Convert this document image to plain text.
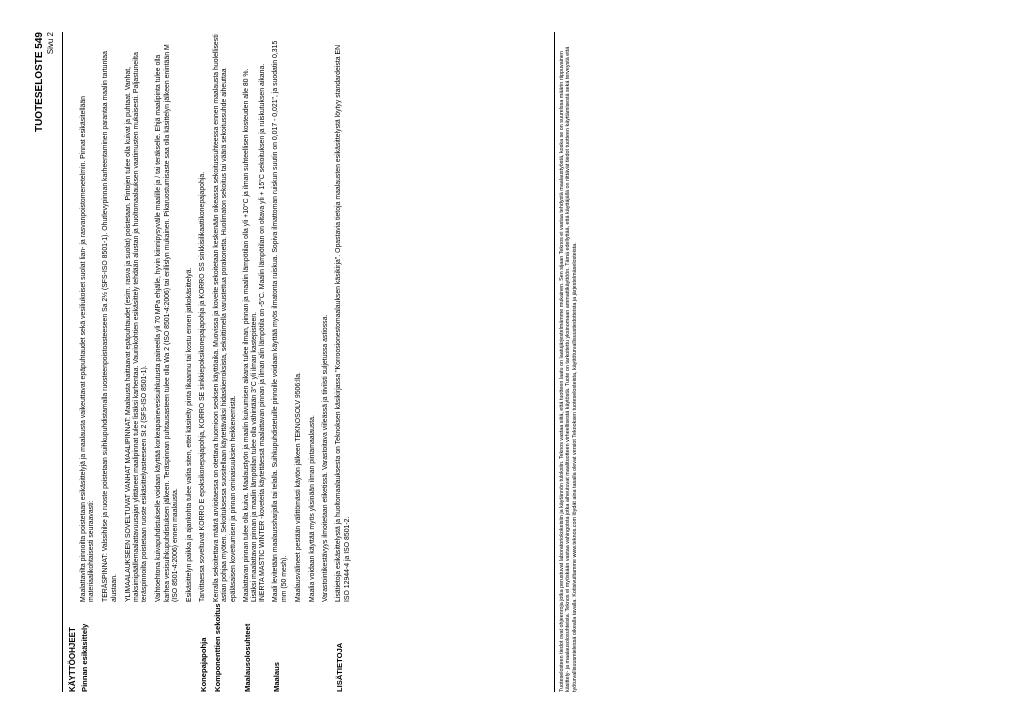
TUOTESELOSTE 549 Sivu 2
KÄYTTÖOHJEET Pinnan esikäsittely
Maalattavilta pinnoilta poistetaan esikäsittelyjä ja maalausta vaikeuttavat epäpuhtaudet sekä vesiliukoiset suolat lian- ja rasvanpoistomenetelmin. Pinnat esikäsitellään materiaalikohtaisesti seuraavasti: TERÄSPINNAT: Valssihilse ja ruoste poistetaan suihkupuhdistamalla ruosteenpoistoasteeseen Sa 2½ (SFS-ISO 8501-1). Ohutlevypinnan karheentaminen parantaa maalin tartuntaa alustaan. YLIMAALAUKSEEN SOVELTUVAT VANHAT MAALIPINNAT: Maalausta haittaavat epäpuhtaudet (esim. rasva ja suolat) poistetaan. Pintojen tulee olla kuivat ja puhtaat. Vanhat, maksimipäällemaalattavuusajan ylittäneet maalipinnat tulee lisäksi karhentaa. Vauriokohtien esikäsittely tehdään alustan ja huoltomaalauksen vaatimusten mukaisesti. Paljastuneilta teräspinnoilta poistetaan ruoste esikäsittelyasteeseen St 2 (SFS-ISO 8501-1). Vaihtoehtona kuivapuhdistukselle voidaan käyttää korkeapainevesisuihkutusta paineella yli 70 MPa ehjälle, hyvin kiinnipysyvälle maalille ja / tai teräkselle. Ehjä maalipinta tulee olla karhea vesisuihkupuhdistuksen jälkeen. Teräspinnan puhtausasteen tulee olla Wa 2 (ISO 8501-4:2006) tai erillislyn mukainen. Pikaruostumisaste saa olla käsittelyn jälkeen enintään M (ISO 8501-4:2006) ennen maalausta. Esikäsittelyn paikka ja ajankohta tulee valita siten, ettei käsitelty pinta likaannu tai kostu ennen jatkokäsittelyä.
Konepajapohja
Tarvittaessa soveltuvat KORRO E epoksikonepajapohja, KORRO SE sinkkiepoksikonepajapohja ja KORRO SS sinkkisilikaattikonepajapohja.
Komponenttien sekoitus
Kerralla sekoitettava määrä arvioitaessa on otettava huomioon seoksen käyttöaika. Muovissa ja koveite sekoitetaan keskenään oikeassa sekoitussuhteessa ennen maalausta huolellisesti astian pohjaa myöten. Sekoituksessa suositellaan käytettäväksi hidaskierroksista, sekoittimella varustettua porakonetta. Huolimaton sekoitus tai väärä sekoitussuhde aiheuttaa epäläsaisen kovettumisen ja pinnan ominaisuuksien heikkenemistä.
Maalausolosuhteet
Maalattavan pinnan tulee olla kuiva. Maalaustyön ja maalin kuivumisen aikana tulee ilman, pinnan ja maalin lämpötilan olla yli +10°C ja ilman suhteellisen kosteuden alle 80 %.
Lisäksi maalattavan pinnan ja maalin lämpötilan tulee olla vähintään 3°C yli ilman kastepisteen.
INERTA MASTIC WINTER -koveteita käytettäessä maalattavan pinnan ja ilman alin lämpötila on -5°C. Maalin lämpötilan on oltava yli + 15°C sekoituksen ja ruiskutuksen aikana.
Maalaus
Maali levitetään maalaussharjalla tai telalla. Suihkupuhdistetuille pinnoille voidaan käyttää myös ilmatonta ruiskua. Sopiva ilmattoman ruiskun suutin on 0,017 - 0,021", ja suodatin 0,315 mm (50 mesh). Maalausvälineet pestään välittömästi käytön jälkeen TEKNOSOLV 9506:lla. Maalia voidaan käyttää myös yksinään ilman pintamaalausta. Varastointikestävyys ilmoitetaan etiketissä. Varastoitava viileässä ja tiiviisti suljetussa astiossa.
LISÄTIETOJA
Lisätietoja esikäsittelystä ja huoltomaalauksesta on Teknoksen käsikirjassa "Korroosionestomaalauksen käsikirja". Opastavia tietoja maalausten esikäsittelystä löytyy standardeista EN ISO 12944-4 ja ISO 8501-2.	Tuoteselosteen tiedot ovat ohjeenroja jotka perustuvat laboratoriokokeisiin ja käytännön tuloksiin. Teknos vastaa siitä, että tuotteen laatu on laatujärjestelmämme mukainen. Sen sijaan Teknos ei vastaa tehdystä maalaustyöstä, koska se on suurelssa määrin riippuvainen käsittely- ja maalausolosuhteista. Teknos ei myöskään vastaa vahingoista jotka aiheutuvat maalituotteen virheellisestä käytöstä. Tuote on tarkoitettu yksinomaan ammattikäyttöön. Tämä edellyttää, että käyttäjällä on riittävät tiedot tuotteen käyttämisestä sekä terveystä että työturvallisuusmielessä oikealla tavalla. Kotisivuiltamme www.teknos.com löydät aina tasalla olevat versiot Teknoksen tuoteselosteista, käyttöturvallisuustiedotteista ja järjestelmäselosteista.
